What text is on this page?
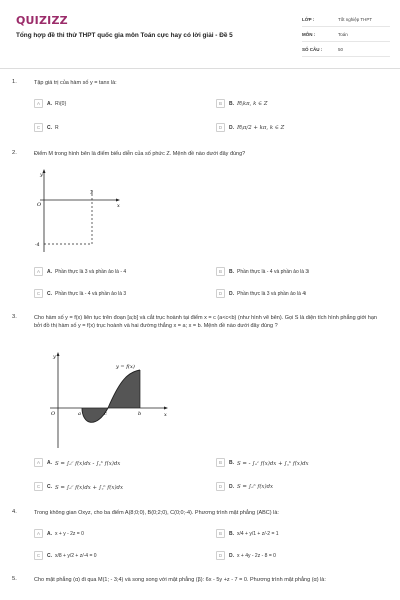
QUIZIZZ
Tổng hợp đề thi thử THPT quốc gia môn Toán cực hay có lời giải - Đề 5
LỚP :	Tốt nghiệp THPT
MÔN :	Toán
SỐ CÂU :	50
1.	Tập giá trị của hàm số y = tanx là:
A	A. R\{0}	B	B. R\kπ, k ∈ Z
C	C. R	D	D. R\π/2 + kπ, k ∈ Z
2.	Điểm M trong hình bên là điểm biểu diễn của số phức Z. Mệnh đề nào dưới đây đúng?
y
x
O
3
-4
A	A. Phần thực là 3 và phần ảo là - 4	B	B. Phần thực là - 4 và phần ảo là 3i
C	C. Phần thực là - 4 và phần ảo là 3	D	D. Phần thực là 3 và phần ảo là 4i
3.	Cho hàm số y = f(x) liên tục trên đoạn [a;b] và cắt trục hoành tại điểm x = c (a<c<b) (như hình vẽ bên). Gọi S là diện tích hình phẳng giới hạn bởi đồ thị hàm số y = f(x) trục hoành và hai đường thẳng x = a; x = b. Mệnh đề nào dưới đây đúng ?
y
x
O
y = f(x)
a	c	b
A	A. S = ∫ₐᶜ f(x)dx - ∫꜀ᵇ f(x)dx	B	B. S = - ∫ₐᶜ f(x)dx + ∫꜀ᵇ f(x)dx
C	C. S = ∫ₐᶜ f(x)dx + ∫꜀ᵇ f(x)dx	D	D. S = ∫ₐᵇ f(x)dx
4.	Trong không gian Oxyz, cho ba điểm A(8;0;0), B(0;2;0), C(0;0;-4). Phương trình mặt phẳng (ABC) là:
A	A. x + y - 2z = 0	B	B. x/4 + y/1 + z/-2 = 1
C	C. x/8 + y/2 + z/-4 = 0	D	D. x + 4y - 2z - 8 = 0
5.	Cho mặt phẳng (α) đi qua M(1; - 3;4) và song song với mặt phẳng (β): 6x - 5y +z - 7 = 0. Phương trình mặt phẳng (α) là:
